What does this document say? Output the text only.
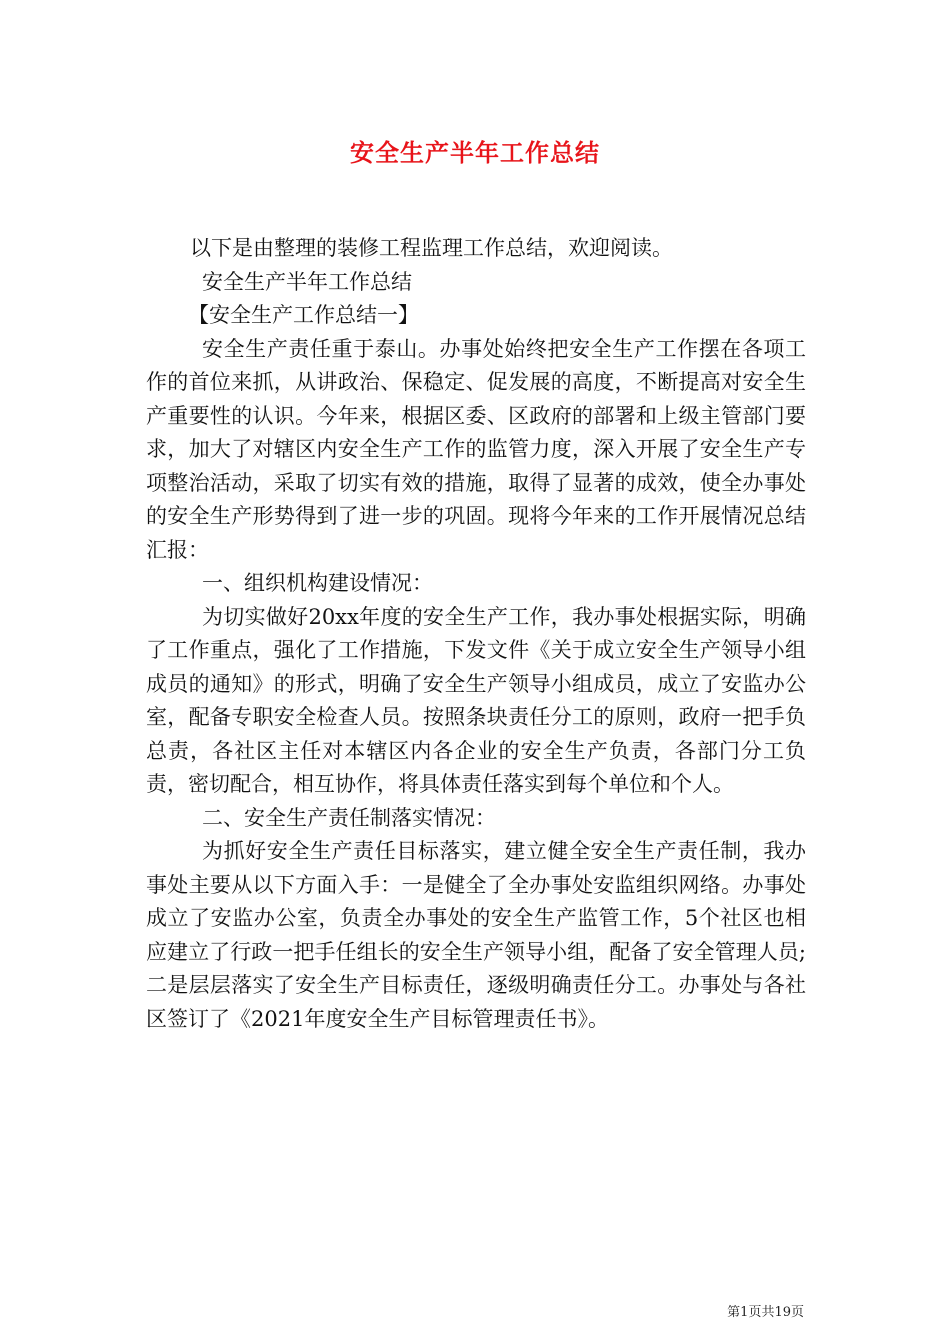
安全生产半年工作总结

以下是由整理的装修工程监理工作总结，欢迎阅读。

安全生产半年工作总结

【安全生产工作总结一】

安全生产责任重于泰山。办事处始终把安全生产工作摆在各项工作的首位来抓，从讲政治、保稳定、促发展的高度，不断提高对安全生产重要性的认识。今年来，根据区委、区政府的部署和上级主管部门要求，加大了对辖区内安全生产工作的监管力度，深入开展了安全生产专项整治活动，采取了切实有效的措施，取得了显著的成效，使全办事处的安全生产形势得到了进一步的巩固。现将今年来的工作开展情况总结汇报：

一、组织机构建设情况：

为切实做好20xx年度的安全生产工作，我办事处根据实际，明确了工作重点，强化了工作措施，下发文件《关于成立安全生产领导小组成员的通知》的形式，明确了安全生产领导小组成员，成立了安监办公室，配备专职安全检查人员。按照条块责任分工的原则，政府一把手负总责，各社区主任对本辖区内各企业的安全生产负责，各部门分工负责，密切配合，相互协作，将具体责任落实到每个单位和个人。

二、安全生产责任制落实情况：

为抓好安全生产责任目标落实，建立健全安全生产责任制，我办事处主要从以下方面入手：一是健全了全办事处安监组织网络。办事处成立了安监办公室，负责全办事处的安全生产监管工作，5个社区也相应建立了行政一把手任组长的安全生产领导小组，配备了安全管理人员;二是层层落实了安全生产目标责任，逐级明确责任分工。办事处与各社区签订了《2021年度安全生产目标管理责任书》。

第1页共19页
